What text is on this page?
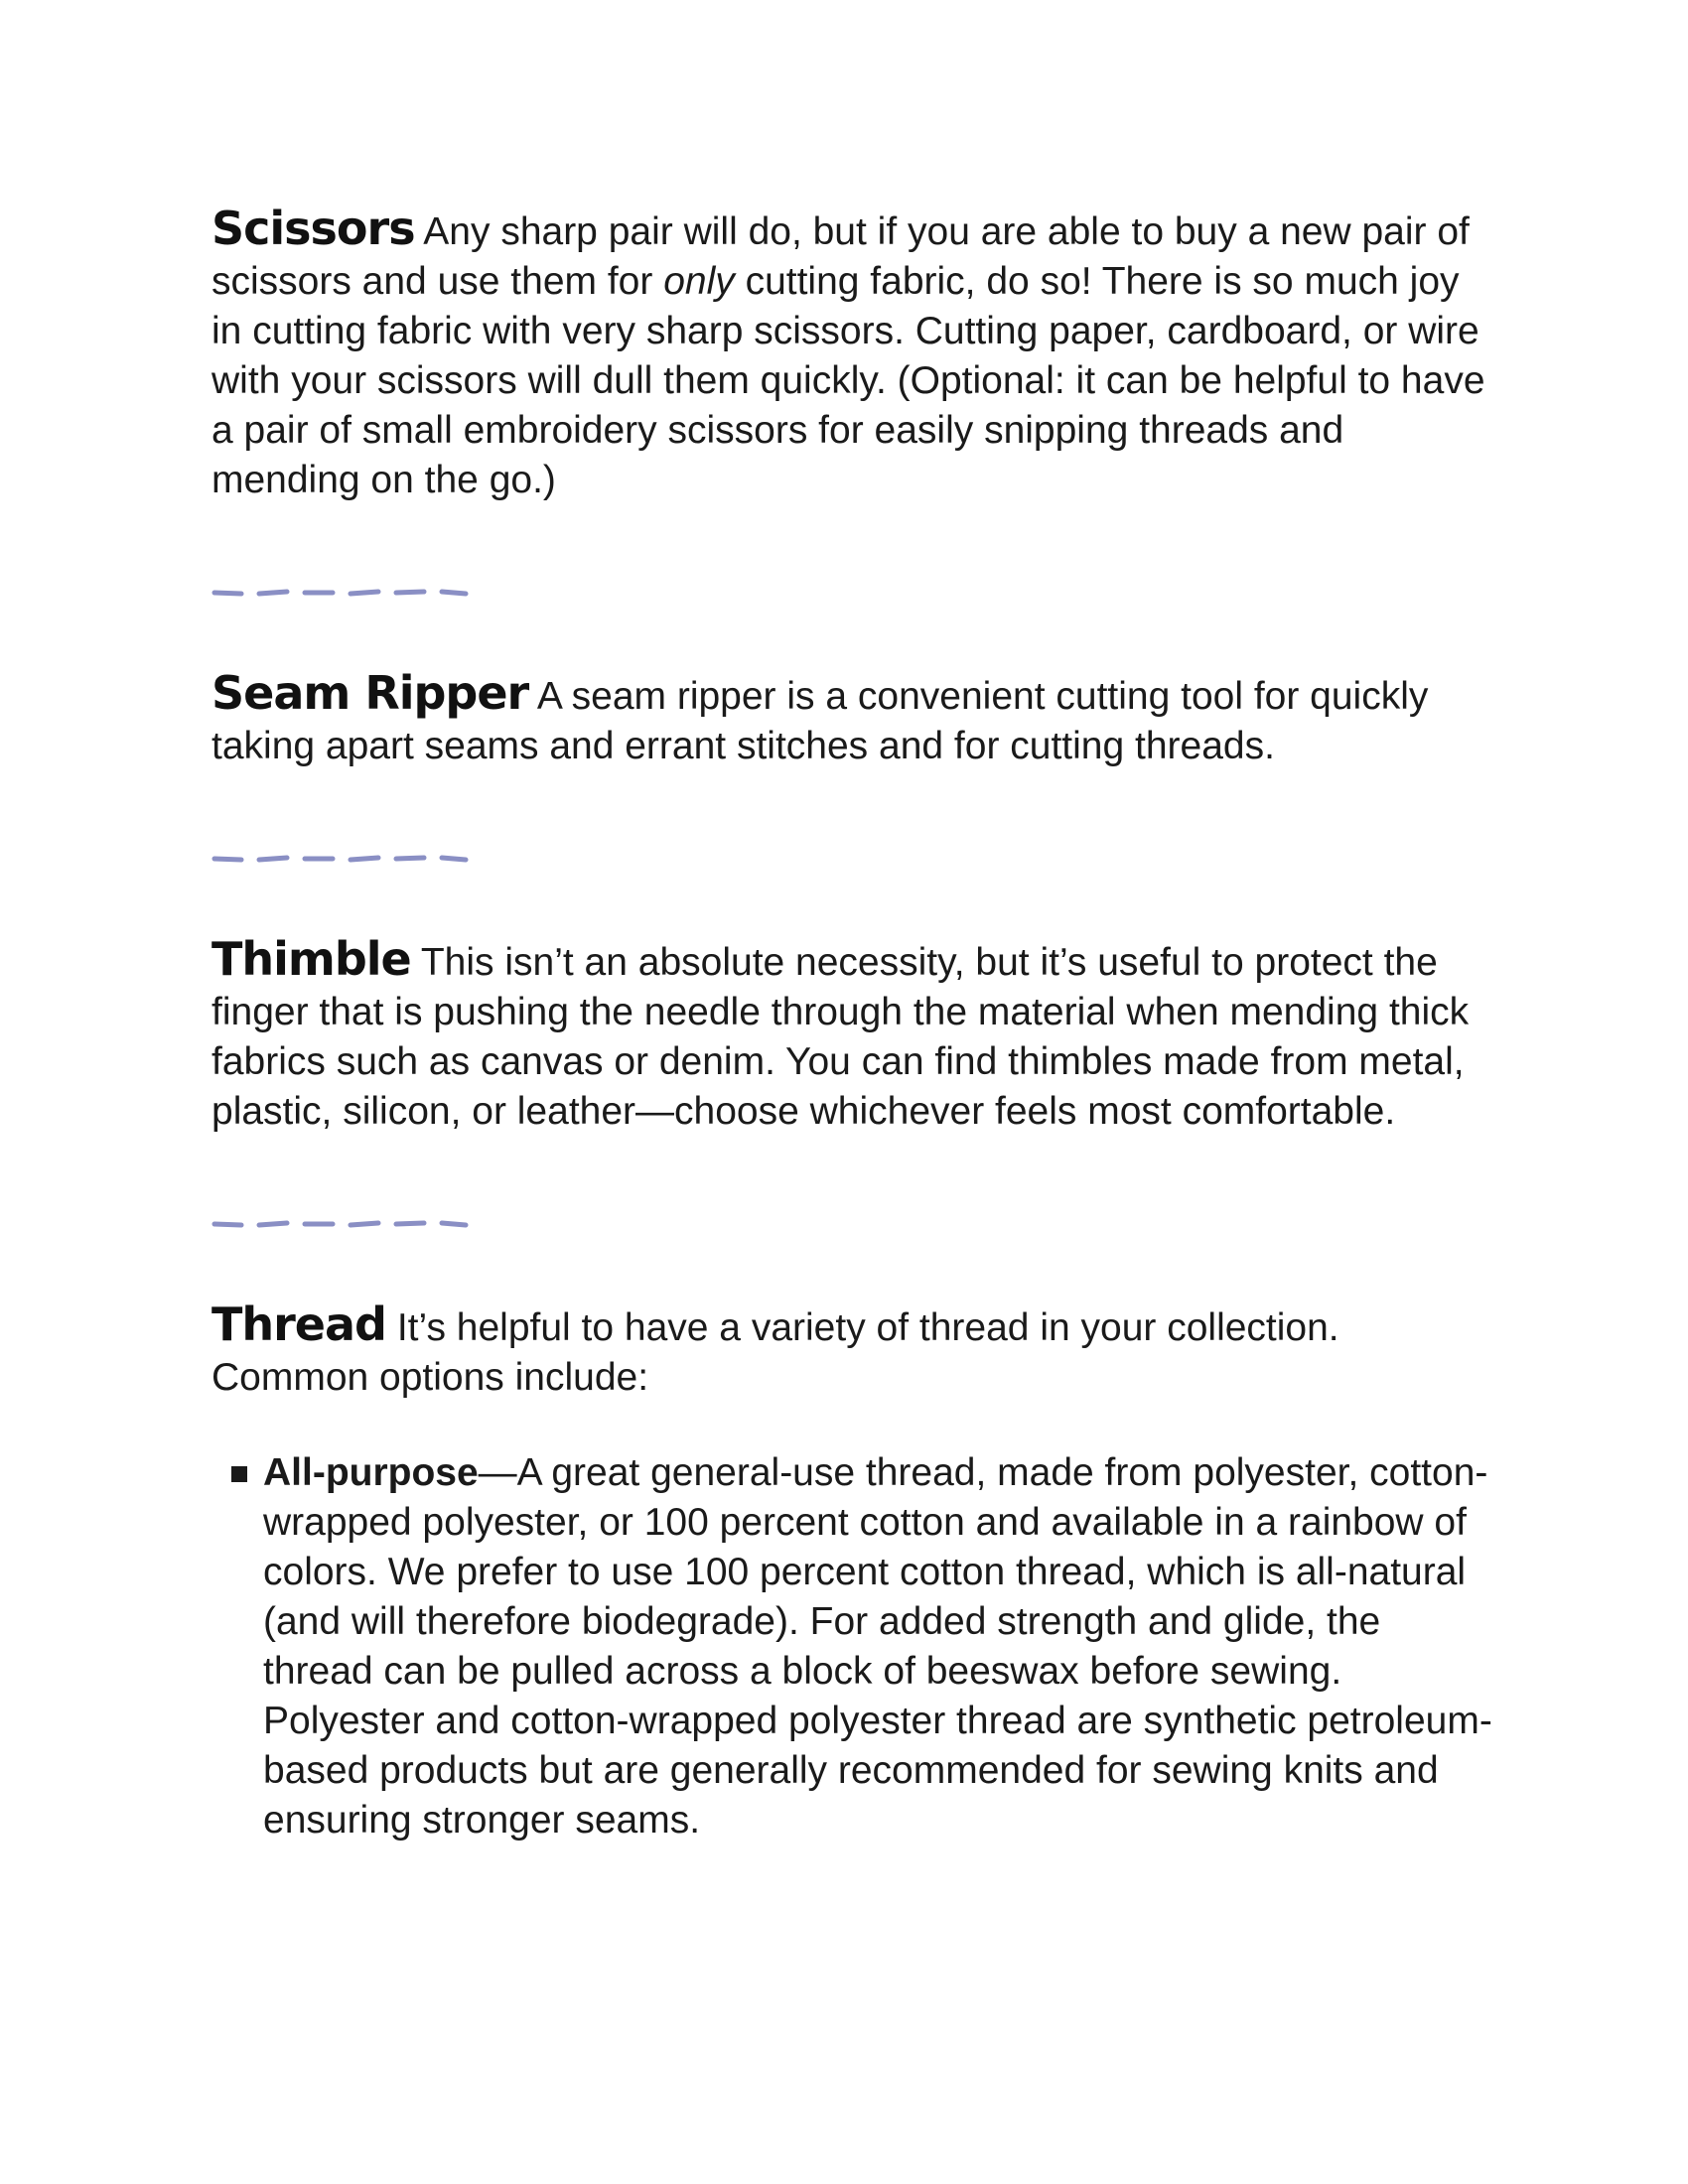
Scissors Any sharp pair will do, but if you are able to buy a new pair of scissors and use them for only cutting fabric, do so! There is so much joy in cutting fabric with very sharp scissors. Cutting paper, cardboard, or wire with your scissors will dull them quickly. (Optional: it can be helpful to have a pair of small embroidery scissors for easily snipping threads and mending on the go.)

Seam Ripper A seam ripper is a convenient cutting tool for quickly taking apart seams and errant stitches and for cutting threads.

Thimble This isn’t an absolute necessity, but it’s useful to protect the finger that is pushing the needle through the material when mending thick fabrics such as canvas or denim. You can find thimbles made from metal, plastic, silicon, or leather—choose whichever feels most comfortable.

Thread It’s helpful to have a variety of thread in your collection. Common options include:

All-purpose—A great general-use thread, made from polyester, cotton-wrapped polyester, or 100 percent cotton and available in a rainbow of colors. We prefer to use 100 percent cotton thread, which is all-natural (and will therefore biodegrade). For added strength and glide, the thread can be pulled across a block of beeswax before sewing. Polyester and cotton-wrapped polyester thread are synthetic petroleum-based products but are generally recommended for sewing knits and ensuring stronger seams.
